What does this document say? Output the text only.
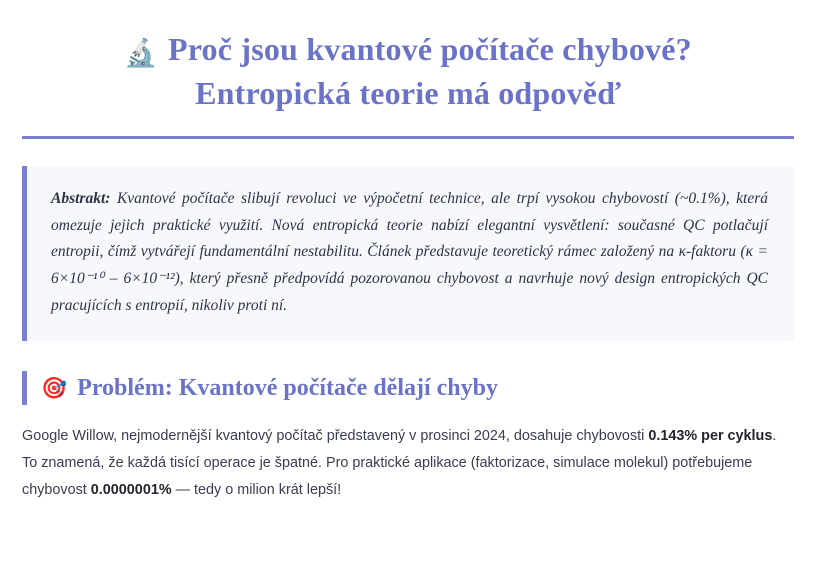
🔬 Proč jsou kvantové počítače chybové?
Entropická teorie má odpověď

Abstrakt: Kvantové počítače slibují revoluci ve výpočetní technice, ale trpí vysokou chybovostí (~0.1%), která omezuje jejich praktické využití. Nová entropická teorie nabízí elegantní vysvětlení: současné QC potlačují entropii, čímž vytvářejí fundamentální nestabilitu. Článek představuje teoretický rámec založený na κ-faktoru (κ = 6×10⁻¹⁰ – 6×10⁻¹²), který přesně předpovídá pozorovanou chybovost a navrhuje nový design entropických QC pracujících s entropií, nikoliv proti ní.

🎯 Problém: Kvantové počítače dělají chyby
Google Willow, nejmodernější kvantový počítač představený v prosinci 2024, dosahuje chybovosti 0.143% per cyklus. To znamená, že každá tisící operace je špatné. Pro praktické aplikace (faktorizace, simulace molekul) potřebujeme chybovost 0.0000001% — tedy o milion krát lepší!
